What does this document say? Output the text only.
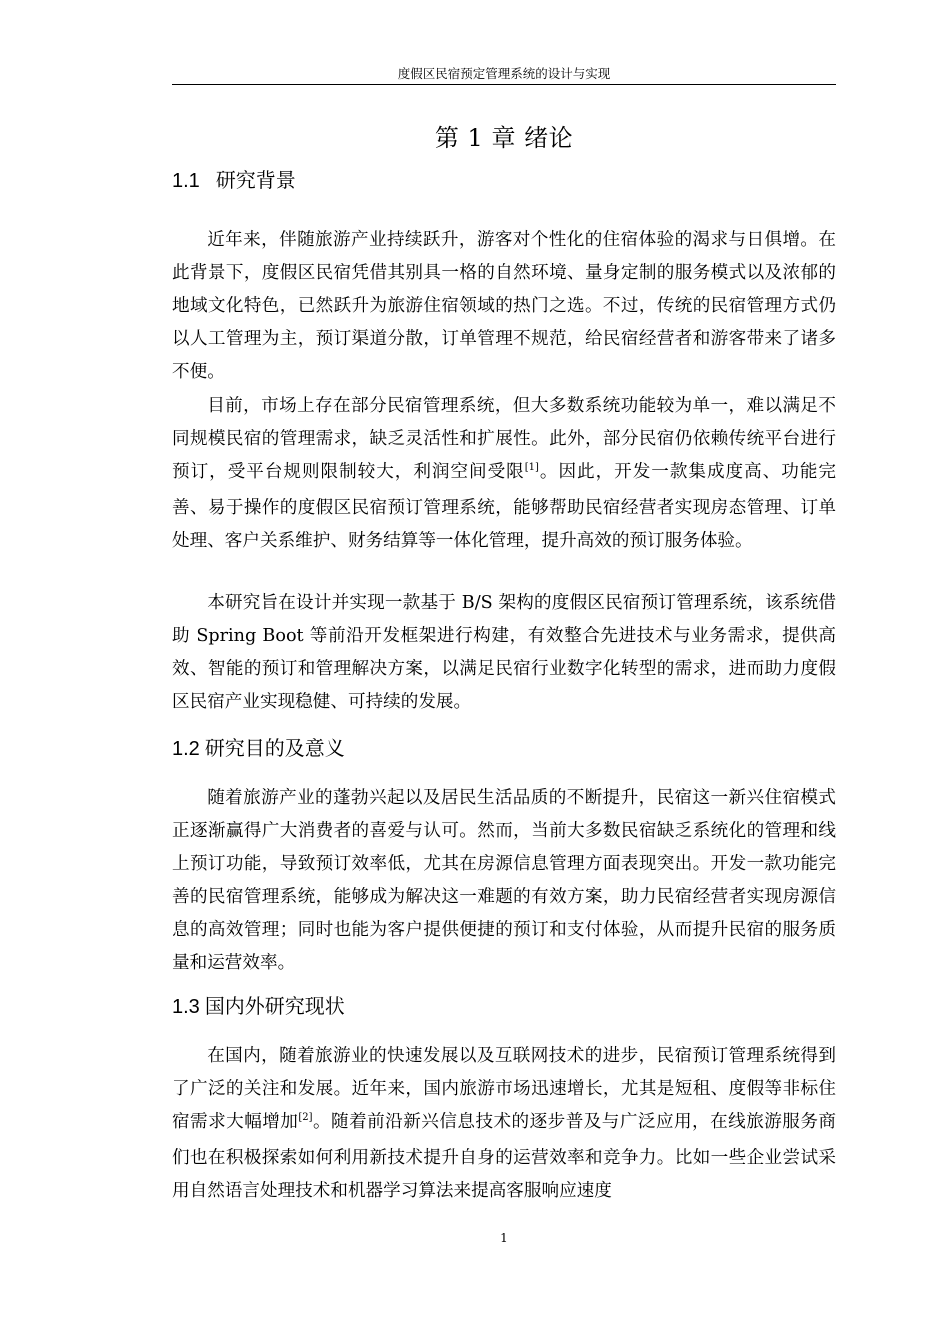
度假区民宿预定管理系统的设计与实现
第 1 章 绪论
1.1 研究背景

近年来，伴随旅游产业持续跃升，游客对个性化的住宿体验的渴求与日俱增。在此背景下，度假区民宿凭借其别具一格的自然环境、量身定制的服务模式以及浓郁的地域文化特色，已然跃升为旅游住宿领域的热门之选。不过，传统的民宿管理方式仍以人工管理为主，预订渠道分散，订单管理不规范，给民宿经营者和游客带来了诸多不便。

目前，市场上存在部分民宿管理系统，但大多数系统功能较为单一，难以满足不同规模民宿的管理需求，缺乏灵活性和扩展性。此外，部分民宿仍依赖传统平台进行预订，受平台规则限制较大，利润空间受限[1]。因此，开发一款集成度高、功能完善、易于操作的度假区民宿预订管理系统，能够帮助民宿经营者实现房态管理、订单处理、客户关系维护、财务结算等一体化管理，提升高效的预订服务体验。

本研究旨在设计并实现一款基于 B/S 架构的度假区民宿预订管理系统，该系统借助 Spring Boot 等前沿开发框架进行构建，有效整合先进技术与业务需求，提供高效、智能的预订和管理解决方案，以满足民宿行业数字化转型的需求，进而助力度假区民宿产业实现稳健、可持续的发展。

1.2 研究目的及意义

随着旅游产业的蓬勃兴起以及居民生活品质的不断提升，民宿这一新兴住宿模式正逐渐赢得广大消费者的喜爱与认可。然而，当前大多数民宿缺乏系统化的管理和线上预订功能，导致预订效率低，尤其在房源信息管理方面表现突出。开发一款功能完善的民宿管理系统，能够成为解决这一难题的有效方案，助力民宿经营者实现房源信息的高效管理；同时也能为客户提供便捷的预订和支付体验，从而提升民宿的服务质量和运营效率。

1.3 国内外研究现状

在国内，随着旅游业的快速发展以及互联网技术的进步，民宿预订管理系统得到了广泛的关注和发展。近年来，国内旅游市场迅速增长，尤其是短租、度假等非标住宿需求大幅增加[2]。随着前沿新兴信息技术的逐步普及与广泛应用，在线旅游服务商们也在积极探索如何利用新技术提升自身的运营效率和竞争力。比如一些企业尝试采用自然语言处理技术和机器学习算法来提高客服响应速度

1
